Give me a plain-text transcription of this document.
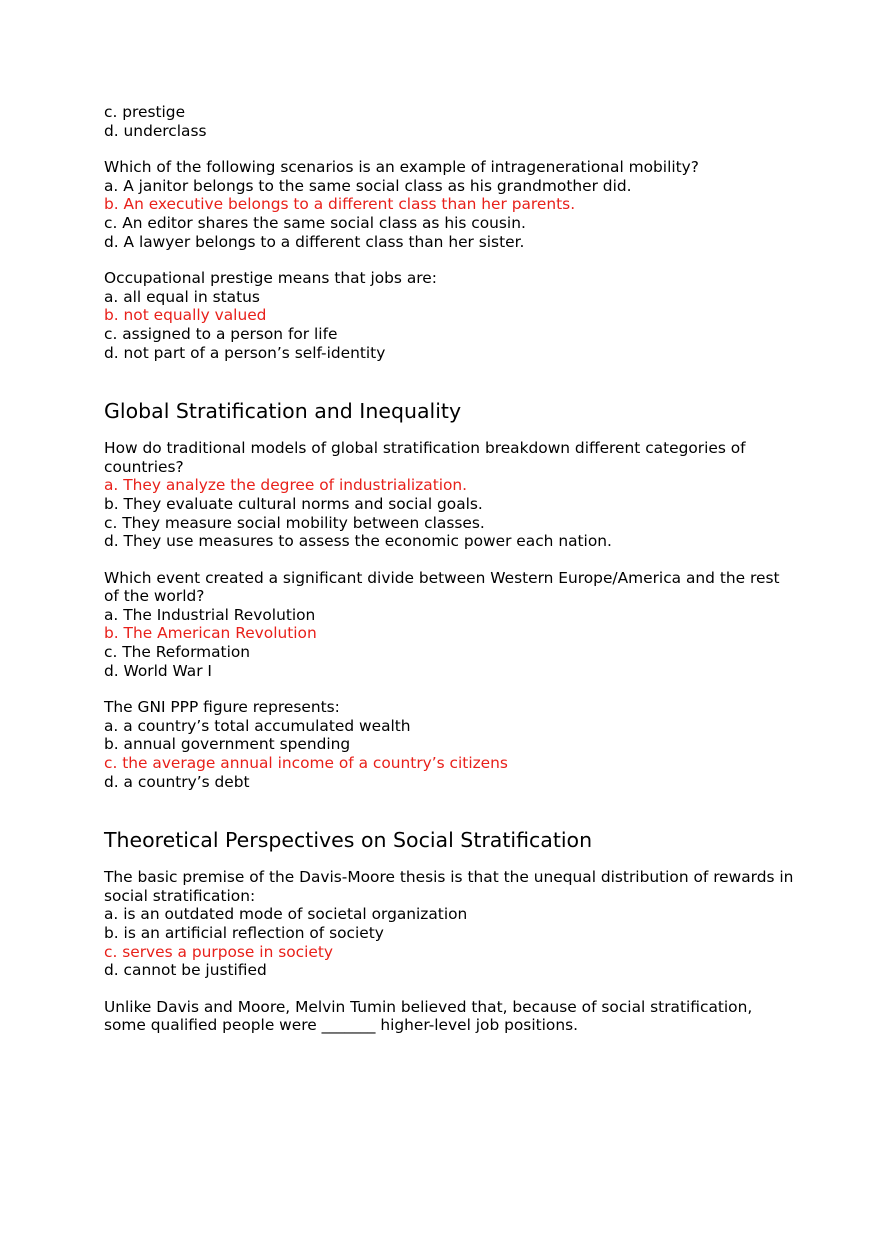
c. prestige

d. underclass

Which of the following scenarios is an example of intragenerational mobility?

a. A janitor belongs to the same social class as his grandmother did.

b. An executive belongs to a different class than her parents.

c. An editor shares the same social class as his cousin.

d. A lawyer belongs to a different class than her sister.

Occupational prestige means that jobs are:

a. all equal in status

b. not equally valued

c. assigned to a person for life

d. not part of a person’s self-identity

Global Stratification and Inequality

How do traditional models of global stratification breakdown different categories of countries?

a. They analyze the degree of industrialization.

b. They evaluate cultural norms and social goals.

c. They measure social mobility between classes.

d. They use measures to assess the economic power each nation.

Which event created a significant divide between Western Europe/America and the rest of the world?

a. The Industrial Revolution

b. The American Revolution

c. The Reformation

d. World War I

The GNI PPP figure represents:

a. a country’s total accumulated wealth

b. annual government spending

c. the average annual income of a country’s citizens

d. a country’s debt

Theoretical Perspectives on Social Stratification

The basic premise of the Davis-Moore thesis is that the unequal distribution of rewards in social stratification:

a. is an outdated mode of societal organization

b. is an artificial reflection of society

c. serves a purpose in society

d. cannot be justified

Unlike Davis and Moore, Melvin Tumin believed that, because of social stratification, some qualified people were _______ higher-level job positions.
